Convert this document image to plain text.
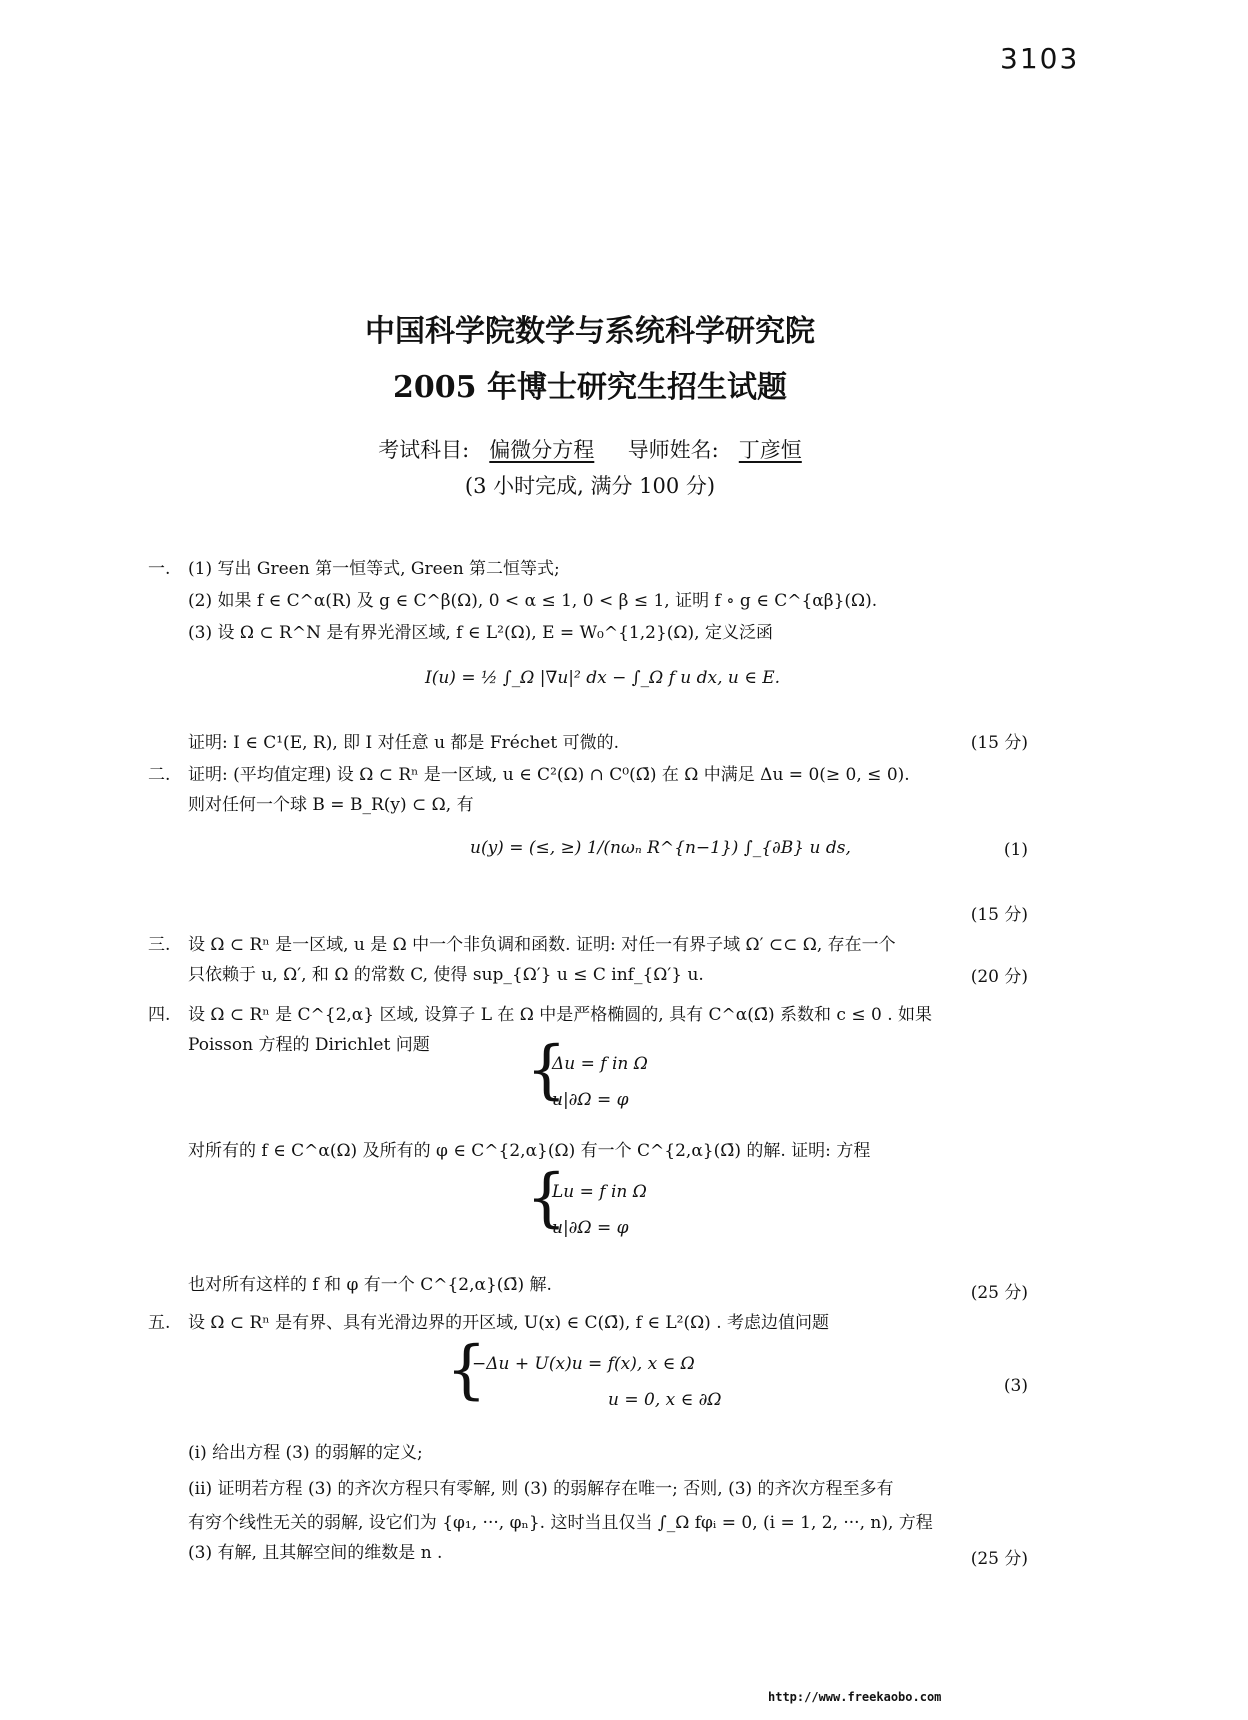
3103
中国科学院数学与系统科学研究院
2005 年博士研究生招生试题
考试科目: 偏微分方程 导师姓名: 丁彦恒
(3 小时完成, 满分 100 分)
一. (1) 写出 Green 第一恒等式, Green 第二恒等式;
(2) 如果 f ∈ C^α(R) 及 g ∈ C^β(Ω), 0 < α ≤ 1, 0 < β ≤ 1, 证明 f ∘ g ∈ C^{αβ}(Ω).
(3) 设 Ω ⊂ R^N 是有界光滑区域, f ∈ L²(Ω), E = W₀^{1,2}(Ω), 定义泛函
I(u) = ½ ∫_Ω |∇u|² dx − ∫_Ω f u dx, u ∈ E.
证明: I ∈ C¹(E, R), 即 I 对任意 u 都是 Fréchet 可微的.	(15 分)
二. 证明: (平均值定理) 设 Ω ⊂ Rⁿ 是一区域, u ∈ C²(Ω) ∩ C⁰(Ω̄) 在 Ω 中满足 Δu = 0(≥ 0, ≤ 0).
则对任何一个球 B = B_R(y) ⊂ Ω, 有
u(y) = (≤, ≥) 1/(nωₙ R^{n−1}) ∫_{∂B} u ds,	(1)
(15 分)
三. 设 Ω ⊂ Rⁿ 是一区域, u 是 Ω 中一个非负调和函数. 证明: 对任一有界子域 Ω′ ⊂⊂ Ω, 存在一个
只依赖于 u, Ω′, 和 Ω 的常数 C, 使得 sup_{Ω′} u ≤ C inf_{Ω′} u.	(20 分)
四. 设 Ω ⊂ Rⁿ 是 C^{2,α} 区域, 设算子 L 在 Ω 中是严格椭圆的, 具有 C^α(Ω̄) 系数和 c ≤ 0 . 如果
Poisson 方程的 Dirichlet 问题 {
Δu = f in Ω
u|∂Ω = φ
对所有的 f ∈ C^α(Ω) 及所有的 φ ∈ C^{2,α}(Ω) 有一个 C^{2,α}(Ω̄) 的解. 证明: 方程
{
Lu = f in Ω
u|∂Ω = φ
也对所有这样的 f 和 φ 有一个 C^{2,α}(Ω̄) 解.	(25 分)
五. 设 Ω ⊂ Rⁿ 是有界、具有光滑边界的开区域, U(x) ∈ C(Ω̄), f ∈ L²(Ω) . 考虑边值问题
{
−Δu + U(x)u = f(x), x ∈ Ω
u = 0, x ∈ ∂Ω
(3)
(i) 给出方程 (3) 的弱解的定义;
(ii) 证明若方程 (3) 的齐次方程只有零解, 则 (3) 的弱解存在唯一; 否则, (3) 的齐次方程至多有
有穷个线性无关的弱解, 设它们为 {φ₁, ···, φₙ}. 这时当且仅当 ∫_Ω fφᵢ = 0, (i = 1, 2, ···, n), 方程
(3) 有解, 且其解空间的维数是 n .	(25 分)
http://www.freekaobo.com
